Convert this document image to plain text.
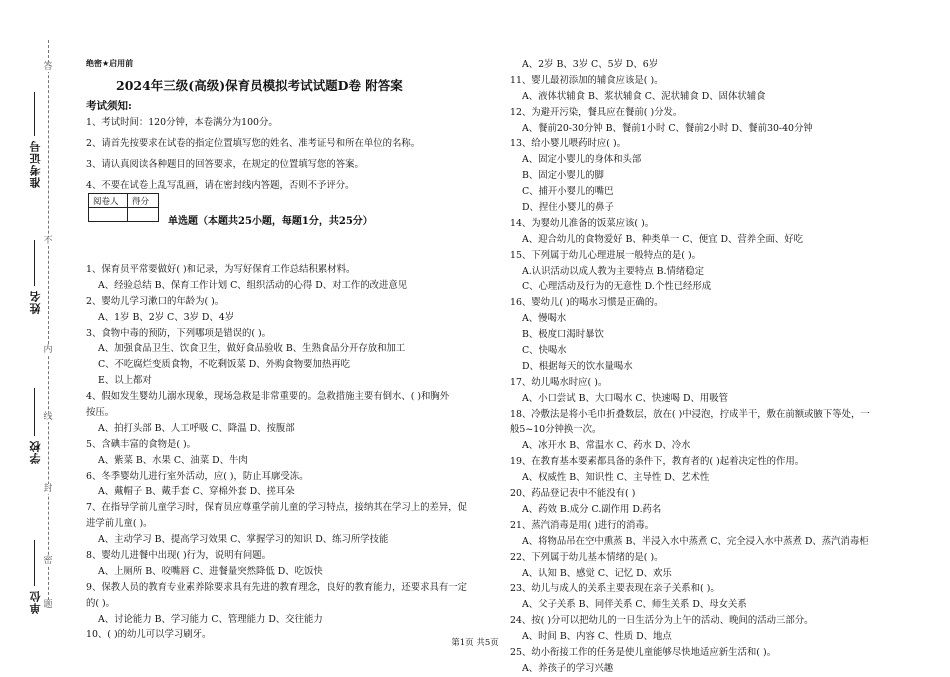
准考证号
姓名
学校
单位
答
不
内
线
封
密
题
绝密★启用前
2024年三级(高级)保育员模拟考试试题D卷 附答案
考试须知:
1、考试时间：120分钟，本卷满分为100分。
2、请首先按要求在试卷的指定位置填写您的姓名、准考证号和所在单位的名称。
3、请认真阅读各种题目的回答要求，在规定的位置填写您的答案。
4、不要在试卷上乱写乱画，请在密封线内答题，否则不予评分。
阅卷人	得分

单选题（本题共25小题，每题1分，共25分）
1、保育员平常要做好( )和记录，为写好保育工作总结积累材料。
A、经验总结 B、保育工作计划 C、组织活动的心得 D、对工作的改进意见
2、婴幼儿学习漱口的年龄为( )。
A、1岁 B、2岁 C、3岁 D、4岁
3、食物中毒的预防，下列哪项是错误的( )。
A、加强食品卫生、饮食卫生，做好食品验收 B、生熟食品分开存放和加工
C、不吃腐烂变质食物，不吃剩饭菜 D、外购食物要加热再吃
E、以上都对
4、假如发生婴幼儿溺水现象，现场急救是非常重要的。急救措施主要有倒水、( )和胸外
按压。
A、拍打头部 B、人工呼吸 C、降温 D、按腹部
5、含碘丰富的食物是( )。
A、紫菜 B、水果 C、油菜 D、牛肉
6、冬季婴幼儿进行室外活动，应( )，防止耳廓受冻。
A、戴帽子 B、戴手套 C、穿棉外套 D、搓耳朵
7、在指导学前儿童学习时，保育员应尊重学前儿童的学习特点，接纳其在学习上的差异，促
进学前儿童( )。
A、主动学习 B、提高学习效果 C、掌握学习的知识 D、练习所学技能
8、婴幼儿进餐中出现( )行为，说明有问题。
A、上厕所 B、咬嘴唇 C、进餐量突然降低 D、吃饭快
9、保教人员的教育专业素养除要求具有先进的教育理念，良好的教育能力，还要求具有一定
的( )。
A、讨论能力 B、学习能力 C、管理能力 D、交往能力
10、( )的幼儿可以学习刷牙。
A、2岁 B、3岁 C、5岁 D、6岁
11、婴儿最初添加的辅食应该是( )。
A、液体状辅食 B、浆状辅食 C、泥状辅食 D、固体状辅食
12、为避开污染，餐具应在餐前( )分发。
A、餐前20-30分钟 B、餐前1小时 C、餐前2小时 D、餐前30-40分钟
13、给小婴儿喂药时应( )。
A、固定小婴儿的身体和头部
B、固定小婴儿的脚
C、捕开小婴儿的嘴巴
D、捏住小婴儿的鼻子
14、为婴幼儿准备的饭菜应该( )。
A、迎合幼儿的食物爱好 B、种类单一 C、便宜 D、营养全面、好吃
15、下列属于幼儿心理进展一般特点的是( )。
A.认识活动以成人教为主要特点 B.情绪稳定
C、心理活动及行为的无意性 D.个性已经形成
16、婴幼儿( )的喝水习惯是正确的。
A、慢喝水
B、极度口渴时暴饮
C、快喝水
D、根据每天的饮水量喝水
17、幼儿喝水时应( )。
A、小口尝试 B、大口喝水 C、快速喝 D、用吸管
18、冷敷法是将小毛巾折叠数层，放在( )中浸泡，拧成半干，敷在前额或腋下等处，一
般5~10分钟换一次。
A、冰开水 B、常温水 C、药水 D、冷水
19、在教育基本要素都具备的条件下，教育者的( )起着决定性的作用。
A、权威性 B、知识性 C、主导性 D、艺术性
20、药品登记表中不能没有( )
A、药效 B.成分 C.副作用 D.药名
21、蒸汽消毒是用( )进行的消毒。
A、将物品吊在空中熏蒸 B、半浸入水中蒸煮 C、完全浸入水中蒸煮 D、蒸汽消毒柜
22、下列属于幼儿基本情绪的是( )。
A、认知 B、感觉 C、记忆 D、欢乐
23、幼儿与成人的关系主要表现在亲子关系和( )。
A、父子关系 B、同伴关系 C、师生关系 D、母女关系
24、按( )分可以把幼儿的一日生活分为上午的活动、晚间的活动三部分。
A、时间 B、内容 C、性质 D、地点
25、幼小衔接工作的任务是使儿童能够尽快地适应新生活和( )。
A、养孩子的学习兴趣
第1页 共5页
